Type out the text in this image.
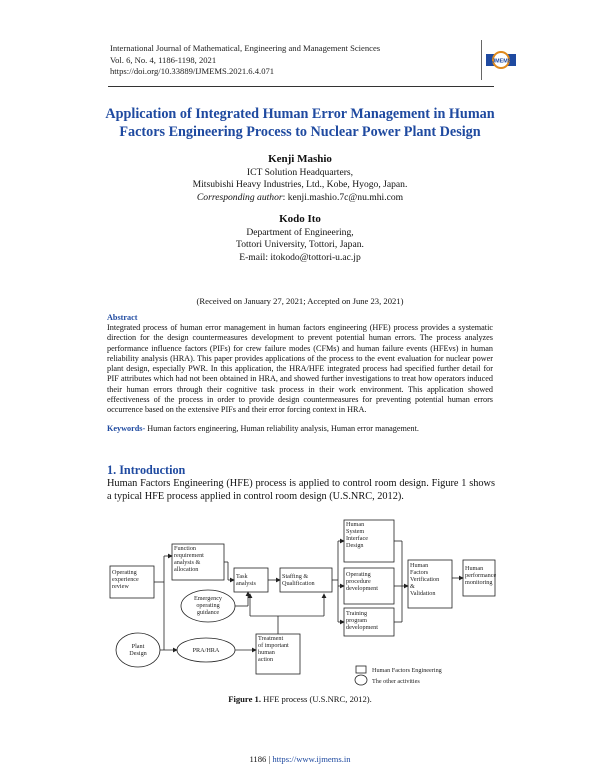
International Journal of Mathematical, Engineering and Management Sciences
Vol. 6, No. 4, 1186-1198, 2021
https://doi.org/10.33889/IJMEMS.2021.6.4.071
IJMEMS
Application of Integrated Human Error Management in Human
Factors Engineering Process to Nuclear Power Plant Design
Kenji Mashio
ICT Solution Headquarters,
Mitsubishi Heavy Industries, Ltd., Kobe, Hyogo, Japan.
Corresponding author: kenji.mashio.7c@nu.mhi.com
Kodo Ito
Department of Engineering,
Tottori University, Tottori, Japan.
E-mail: itokodo@tottori-u.ac.jp
(Received on January 27, 2021; Accepted on June 23, 2021)
Abstract
Integrated process of human error management in human factors engineering (HFE) process provides a systematic direction for the design countermeasures development to prevent potential human errors. The process analyzes performance influence factors (PIFs) for crew failure modes (CFMs) and human failure events (HFEvs) in human reliability analysis (HRA). This paper provides applications of the process to the event evaluation for nuclear power plant design, especially PWR. In this application, the HRA/HFE integrated process had specified further detail for PIF attributes which had not been obtained in HRA, and showed further investigations to treat how operators induced their human errors through their cognitive task process in their work environment. This application showed effectiveness of the process in order to provide design countermeasures for preventing potential human errors occurrence based on the extensive PIFs and their error forcing context in HRA.
Keywords- Human factors engineering, Human reliability analysis, Human error management.
1. Introduction
Human Factors Engineering (HFE) process is applied to control room design. Figure 1 shows a typical HFE process applied in control room design (U.S.NRC, 2012).
Operating
experience
review
Function
requirement
analysis &
allocation
Emergency
operating
guidance
Plant
Design
Treatment
of important
human
action
Task
analysis
Staffing &
Qualification
Human
System
Interface
Design
Operating
procedure
development
Training
program
development
Human
Factors
Verification
&
Validation
Human
performance
monitoring
PRA/HRA
Human Factors Engineering
The other activities
Figure 1. HFE process (U.S.NRC, 2012).
1186 | https://www.ijmems.in
